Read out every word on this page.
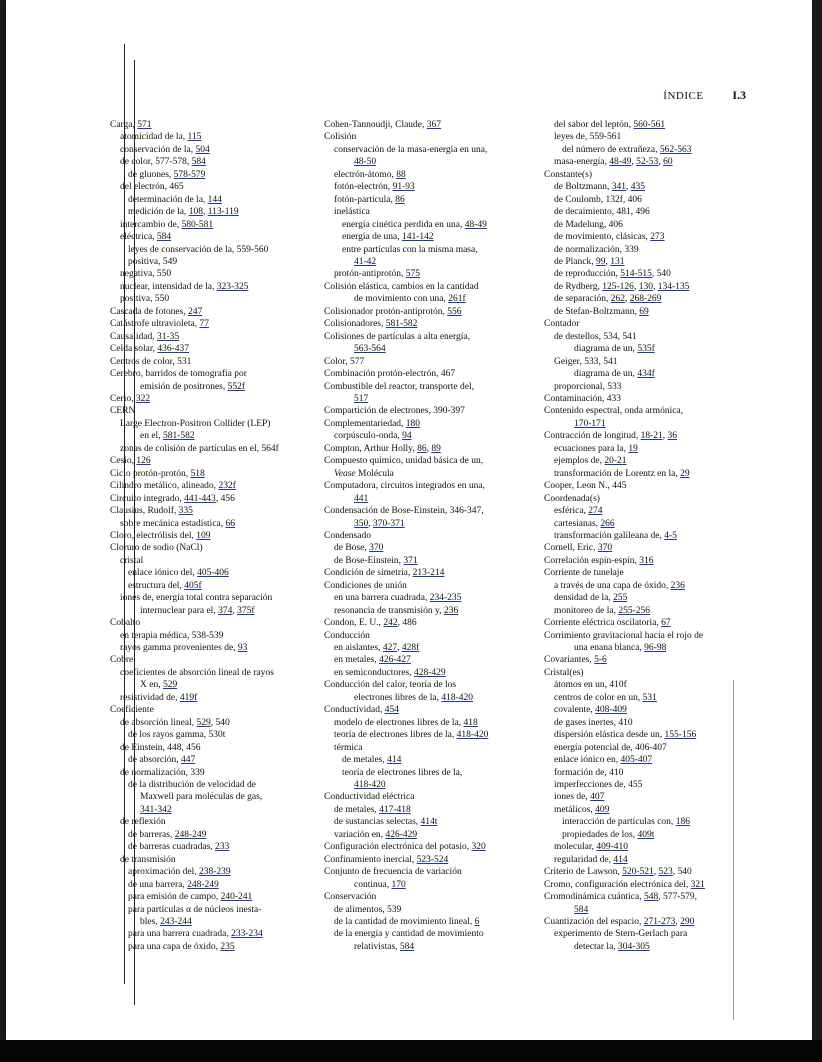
ÍNDICE I.3
Carga, 571
atomicidad de la, 115
conservación de la, 504
de color, 577-578, 584
de gluones, 578-579
del electrón, 465
determinación de la, 144
medición de la, 108, 113-119
intercambio de, 580-581
eléctrica, 584
leyes de conservación de la, 559-560
positiva, 549
negativa, 550
nuclear, intensidad de la, 323-325
positiva, 550
Cascada de fotones, 247
Catástrofe ultravioleta, 77
Causalidad, 31-35
Celda solar, 436-437
Centros de color, 531
Cerebro, barridos de tomografía por
emisión de positrones, 552f
Cerio, 322
CERN
Large Electron-Positron Collider (LEP)
en el, 581-582
zonas de colisión de partículas en el, 564f
Cesio, 126
Ciclo protón-protón, 518
Cilindro metálico, alineado, 232f
Circuito integrado, 441-443, 456
Clausius, Rudolf, 335
sobre mecánica estadística, 66
Cloro, electrólisis del, 109
Cloruro de sodio (NaCl)
cristal
enlace iónico del, 405-406
estructura del, 405f
iones de, energía total contra separación
internuclear para el, 374, 375f
Cobalto
en terapia médica, 538-539
rayos gamma provenientes de, 93
Cobre
coeficientes de absorción lineal de rayos
X en, 529
resistividad de, 419f
Coeficiente
de absorción lineal, 529, 540
de los rayos gamma, 530t
de Einstein, 448, 456
de absorción, 447
de normalización, 339
de la distribución de velocidad de
Maxwell para moléculas de gas,
341-342
de reflexión
de barreras, 248-249
de barreras cuadradas, 233
de transmisión
aproximación del, 238-239
de una barrera, 248-249
para emisión de campo, 240-241
para partículas α de núcleos inesta-
bles, 243-244
para una barrera cuadrada, 233-234
para una capa de óxido, 235
Cohen-Tannoudji, Claude, 367
Colisión
conservación de la masa-energía en una,
48-50
electrón-átomo, 88
fotón-electrón, 91-93
fotón-partícula, 86
inelástica
energía cinética perdida en una, 48-49
energía de una, 141-142
entre partículas con la misma masa,
41-42
protón-antiprotón, 575
Colisión elástica, cambios en la cantidad
de movimiento con una, 261f
Colisionador protón-antiprotón, 556
Colisionadores, 581-582
Colisiones de partículas a alta energía,
563-564
Color, 577
Combinación protón-electrón, 467
Combustible del reactor, transporte del,
517
Compartición de electrones, 390-397
Complementariedad, 180
corpúsculo-onda, 94
Compton, Arthur Holly, 86, 89
Compuesto químico, unidad básica de un,
Vease Molécula
Computadora, circuitos integrados en una,
441
Condensación de Bose-Einstein, 346-347,
350, 370-371
Condensado
de Bose, 370
de Bose-Einstein, 371
Condición de simetría, 213-214
Condiciones de unión
en una barrera cuadrada, 234-235
resonancia de transmisión y, 236
Condon, E. U., 242, 486
Conducción
en aislantes, 427, 428f
en metales, 426-427
en semiconductores, 428-429
Conducción del calor, teoría de los
electrones libres de la, 418-420
Conductividad, 454
modelo de electrones libres de la, 418
teoría de electrones libres de la, 418-420
térmica
de metales, 414
teoría de electrones libres de la,
418-420
Conductividad eléctrica
de metales, 417-418
de sustancias selectas, 414t
variación en, 426-429
Configuración electrónica del potasio, 320
Confinamiento inercial, 523-524
Conjunto de frecuencia de variación
continua, 170
Conservación
de alimentos, 539
de la cantidad de movimiento lineal, 6
de la energía y cantidad de movimiento
relativistas, 584
del sabor del leptón, 560-561
leyes de, 559-561
del número de extrañeza, 562-563
masa-energía, 48-49, 52-53, 60
Constante(s)
de Boltzmann, 341, 435
de Coulomb, 132f, 406
de decaimiento, 481, 496
de Madelung, 406
de movimiento, clásicas, 273
de normalización, 339
de Planck, 99, 131
de reproducción, 514-515, 540
de Rydberg, 125-126, 130, 134-135
de separación, 262, 268-269
de Stefan-Boltzmann, 69
Contador
de destellos, 534, 541
diagrama de un, 535f
Geiger, 533, 541
diagrama de un, 434f
proporcional, 533
Contaminación, 433
Contenido espectral, onda armónica,
170-171
Contracción de longitud, 18-21, 36
ecuaciones para la, 19
ejemplos de, 20-21
transformación de Lorentz en la, 29
Cooper, Leon N., 445
Coordenada(s)
esférica, 274
cartesianas, 266
transformación galileana de, 4-5
Cornell, Eric, 370
Correlación espín-espín, 316
Corriente de tunelaje
a través de una capa de óxido, 236
densidad de la, 255
monitoreo de la, 255-256
Corriente eléctrica oscilatoria, 67
Corrimiento gravitacional hacia el rojo de
una enana blanca, 96-98
Covariantes, 5-6
Cristal(es)
átomos en un, 410f
centros de color en un, 531
covalente, 408-409
de gases inertes, 410
dispersión elástica desde un, 155-156
energía potencial de, 406-407
enlace iónico en, 405-407
formación de, 410
imperfecciones de, 455
iones de, 407
metálicos, 409
interacción de partículas con, 186
propiedades de los, 409t
molecular, 409-410
regularidad de, 414
Criterio de Lawson, 520-521, 523, 540
Cromo, configuración electrónica del, 321
Cromodinámica cuántica, 548, 577-579,
584
Cuantización del espacio, 271-273, 290
experimento de Stern-Gerlach para
detectar la, 304-305
